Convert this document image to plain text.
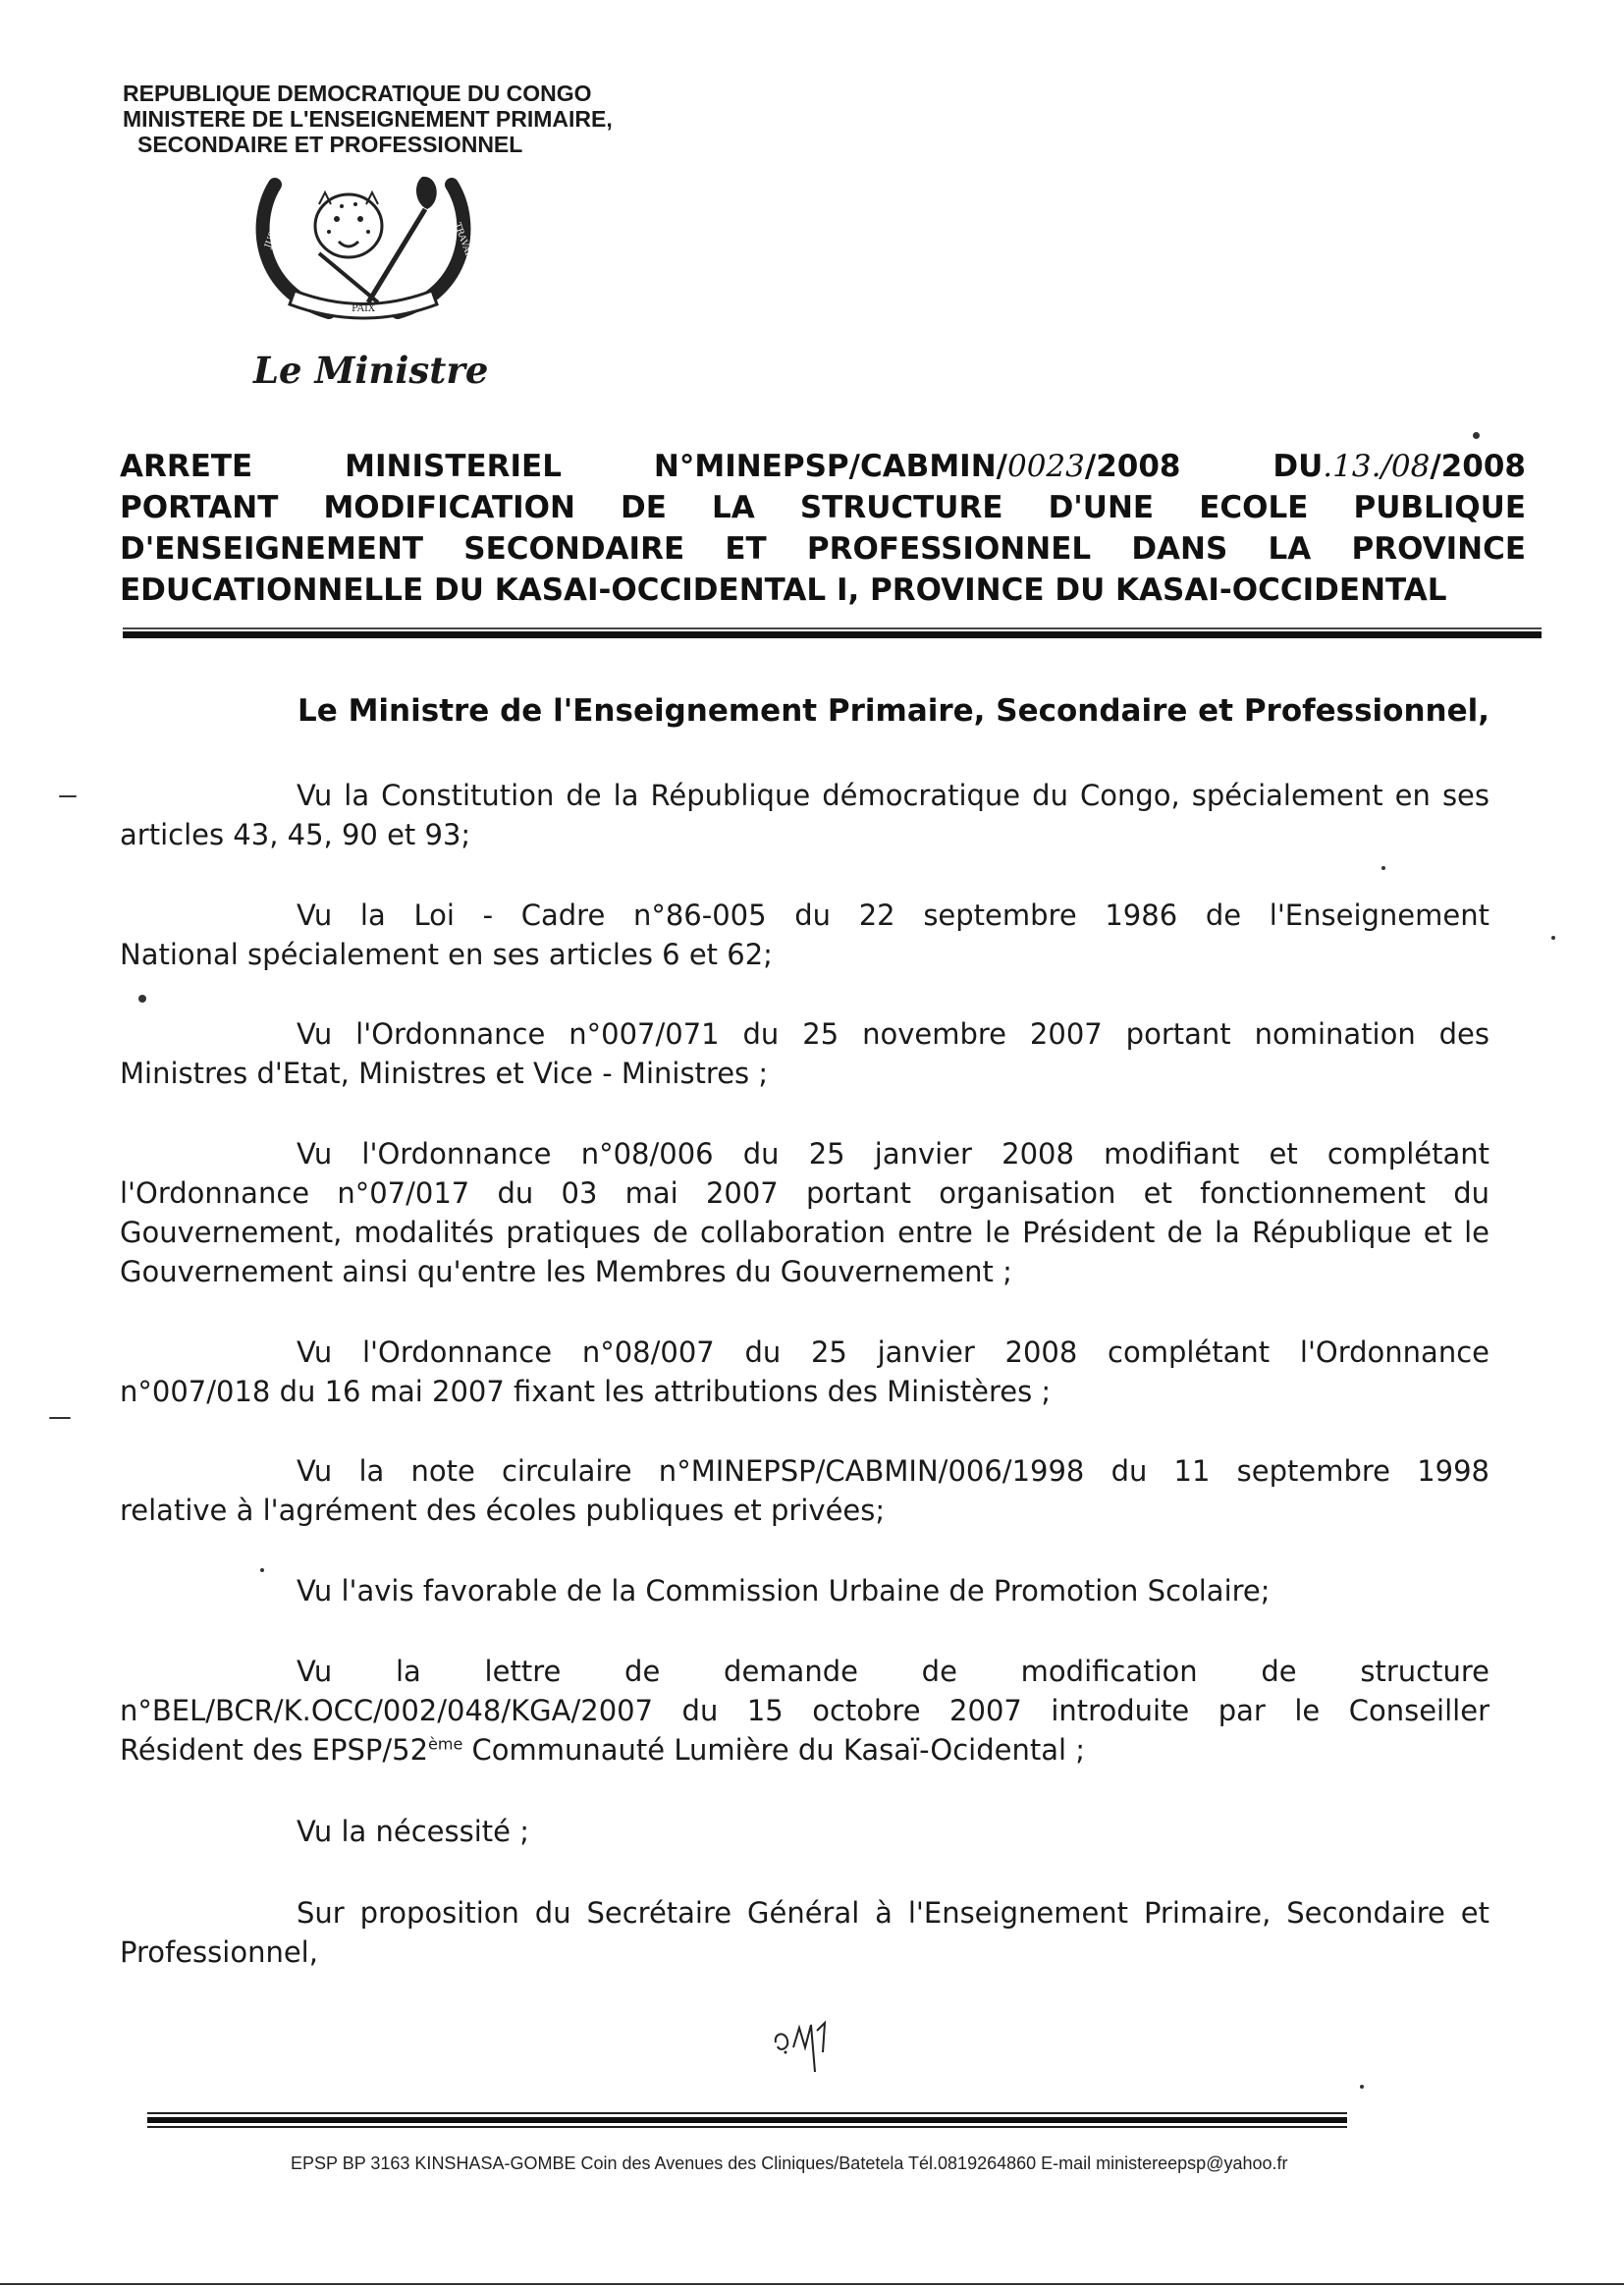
REPUBLIQUE DEMOCRATIQUE DU CONGO
MINISTERE DE L'ENSEIGNEMENT PRIMAIRE,
SECONDAIRE ET PROFESSIONNEL
PAIX
JUSTICE	TRAVAIL
Le Ministre
ARRETE	MINISTERIEL	N°MINEPSP/CABMIN/0023/2008	DU.13./08/2008
PORTANT MODIFICATION DE LA STRUCTURE D'UNE ECOLE PUBLIQUE
D'ENSEIGNEMENT SECONDAIRE ET PROFESSIONNEL DANS LA PROVINCE
EDUCATIONNELLE DU KASAI-OCCIDENTAL I, PROVINCE DU KASAI-OCCIDENTAL
Le Ministre de l'Enseignement Primaire, Secondaire et Professionnel,
Vu la Constitution de la République démocratique du Congo, spécialement en ses
articles 43, 45, 90 et 93;
Vu la Loi - Cadre n°86-005 du 22 septembre 1986 de l'Enseignement
National spécialement en ses articles 6 et 62;
Vu l'Ordonnance n°007/071 du 25 novembre 2007 portant nomination des
Ministres d'Etat, Ministres et Vice - Ministres ;
Vu l'Ordonnance n°08/006 du 25 janvier 2008 modifiant et complétant
l'Ordonnance n°07/017 du 03 mai 2007 portant organisation et fonctionnement du
Gouvernement, modalités pratiques de collaboration entre le Président de la République et le
Gouvernement ainsi qu'entre les Membres du Gouvernement ;
Vu l'Ordonnance n°08/007 du 25 janvier 2008 complétant l'Ordonnance
n°007/018 du 16 mai 2007 fixant les attributions des Ministères ;
Vu la note circulaire n°MINEPSP/CABMIN/006/1998 du 11 septembre 1998
relative à l'agrément des écoles publiques et privées;
Vu l'avis favorable de la Commission Urbaine de Promotion Scolaire;
Vu la lettre de demande de modification de structure
n°BEL/BCR/K.OCC/002/048/KGA/2007 du 15 octobre 2007 introduite par le Conseiller
Résident des EPSP/52ème Communauté Lumière du Kasaï-Ocidental ;
Vu la nécessité ;
Sur proposition du Secrétaire Général à l'Enseignement Primaire, Secondaire et
Professionnel,
EPSP BP 3163 KINSHASA-GOMBE Coin des Avenues des Cliniques/Batetela Tél.0819264860 E-mail ministereepsp@yahoo.fr
